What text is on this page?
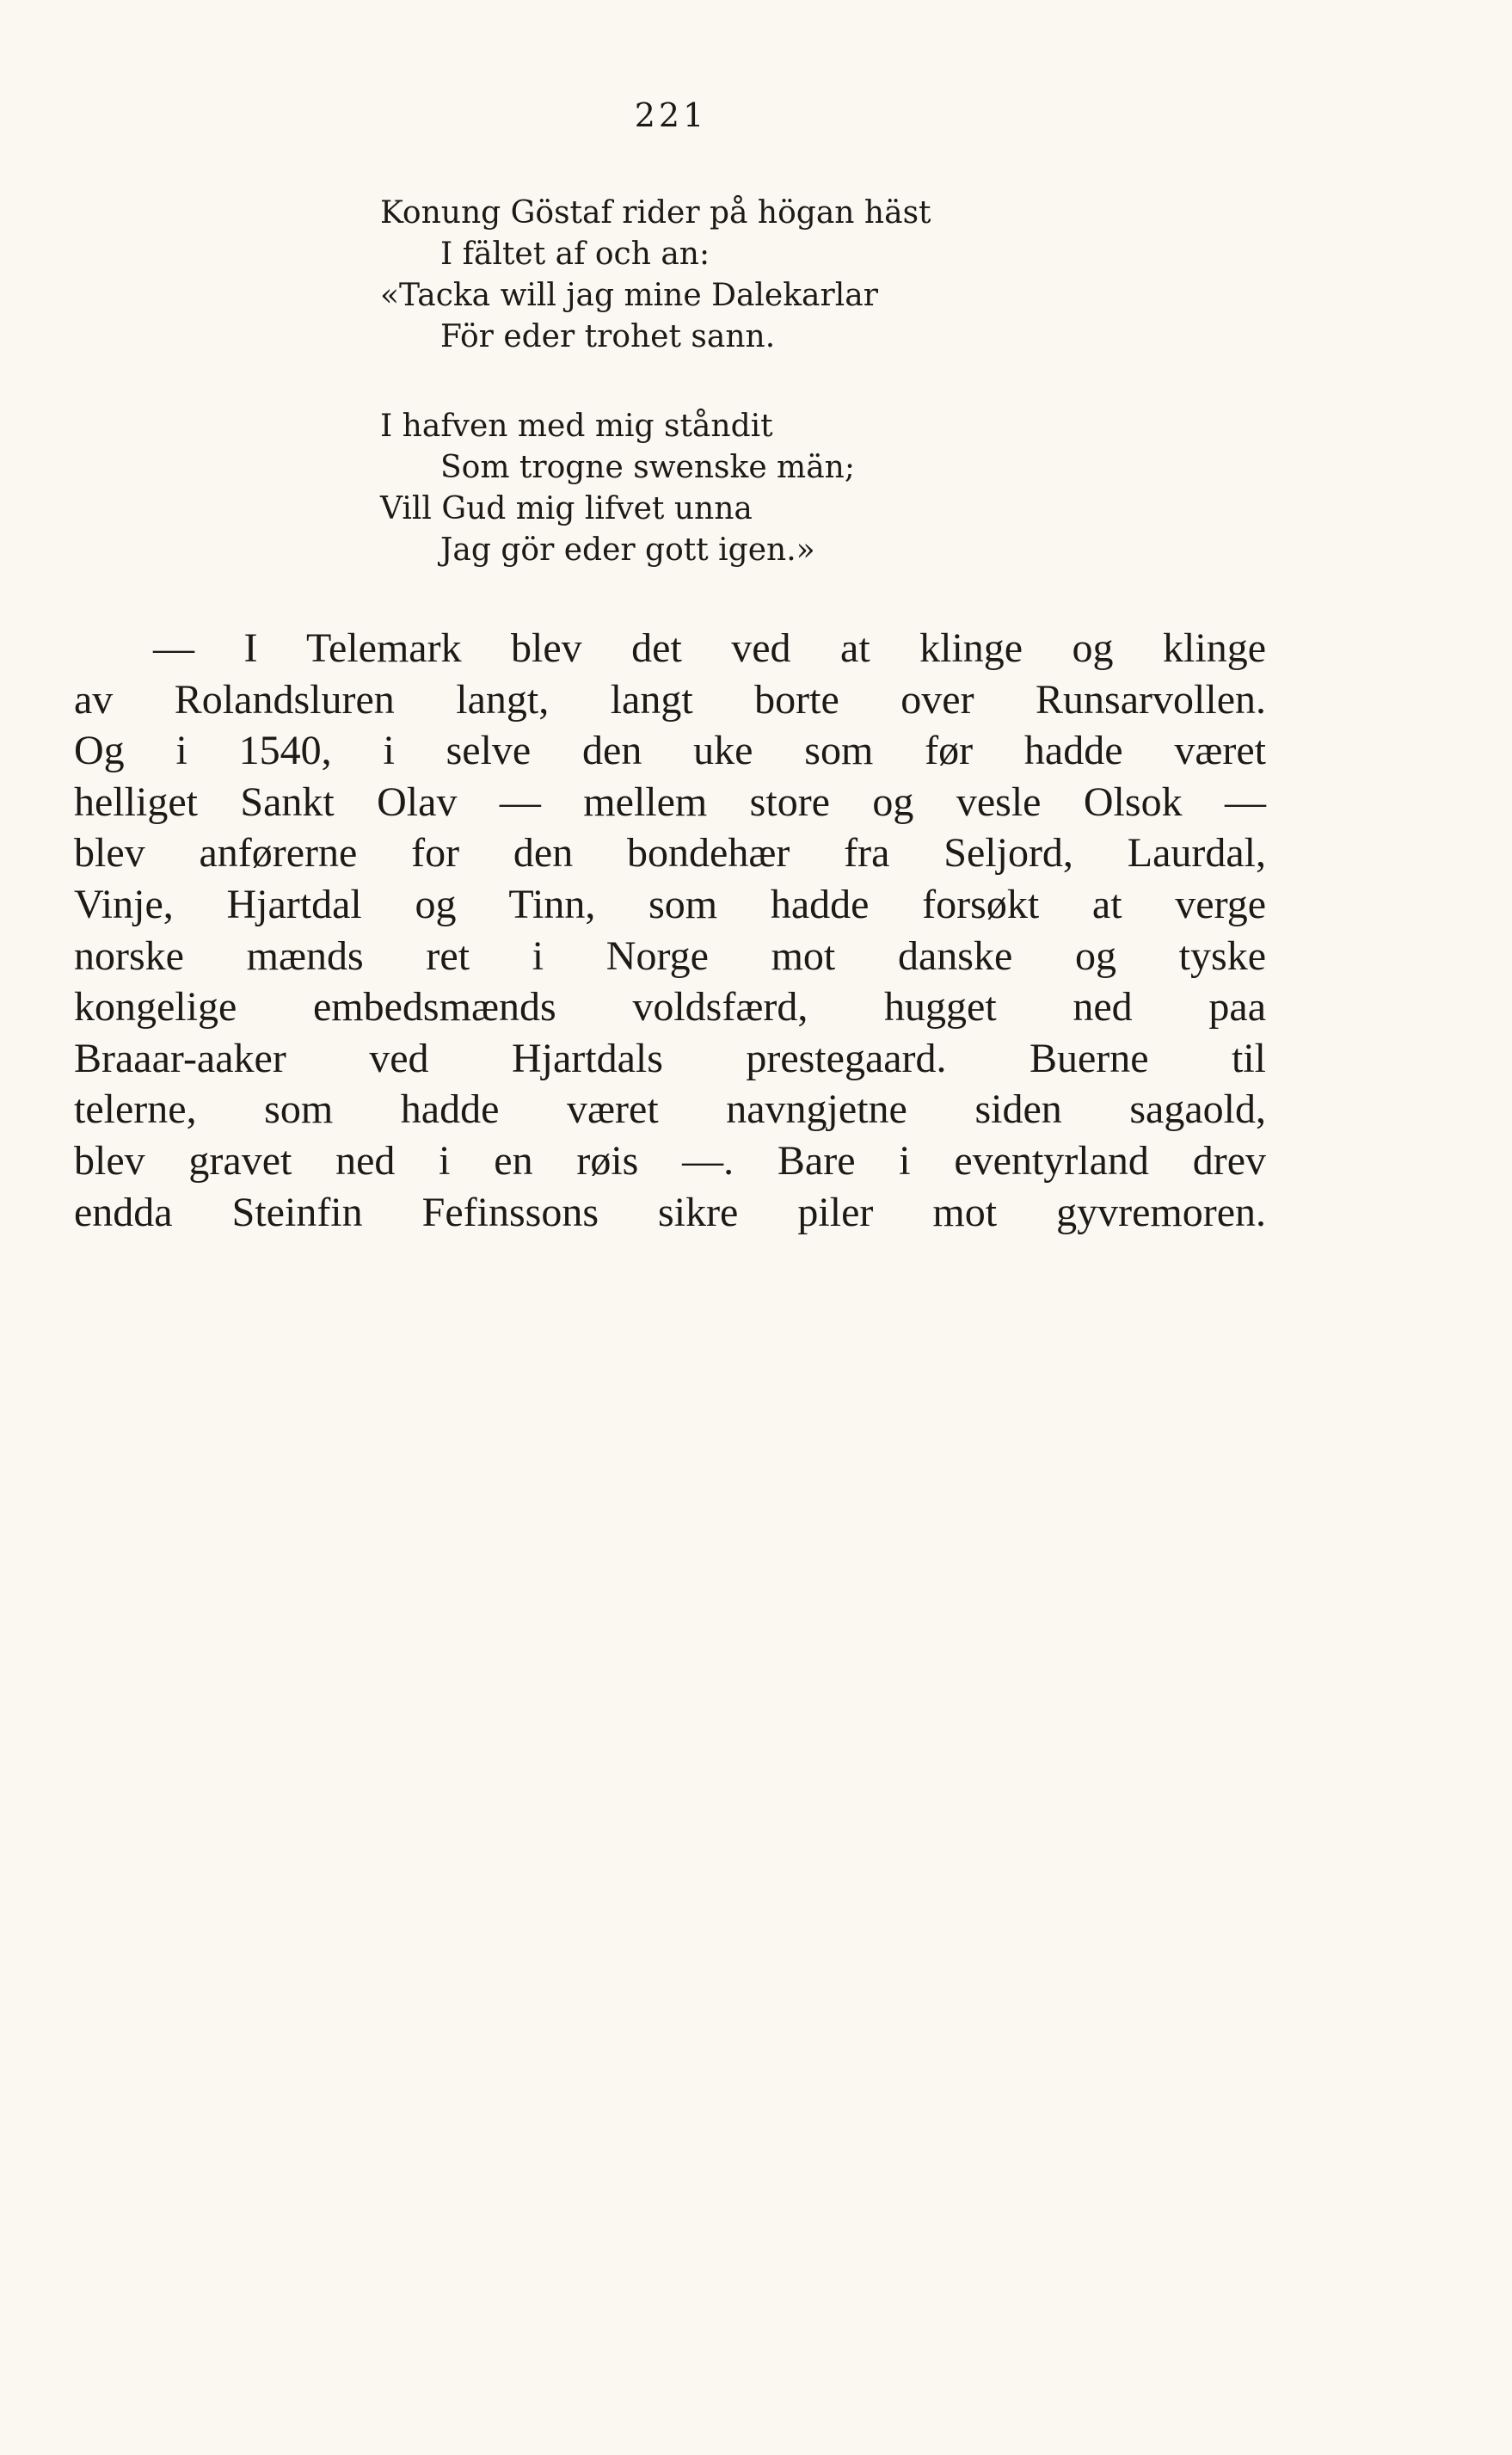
221
Konung Göstaf rider på högan häst
I fältet af och an:
«Tacka will jag mine Dalekarlar
För eder trohet sann.
I hafven med mig ståndit
Som trogne swenske män;
Vill Gud mig lifvet unna
Jag gör eder gott igen.»
— I Telemark blev det ved at klinge og klinge
av Rolandsluren langt, langt borte over Runsarvollen.
Og i 1540, i selve den uke som før hadde været
helliget Sankt Olav — mellem store og vesle Olsok —
blev anførerne for den bondehær fra Seljord, Laurdal,
Vinje, Hjartdal og Tinn, som hadde forsøkt at verge
norske mænds ret i Norge mot danske og tyske
kongelige embedsmænds voldsfærd, hugget ned paa
Braaar-aaker ved Hjartdals prestegaard. Buerne til
telerne, som hadde været navngjetne siden sagaold,
blev gravet ned i en røis —. Bare i eventyrland drev
endda Steinfin Fefinssons sikre piler mot gyvremoren.
